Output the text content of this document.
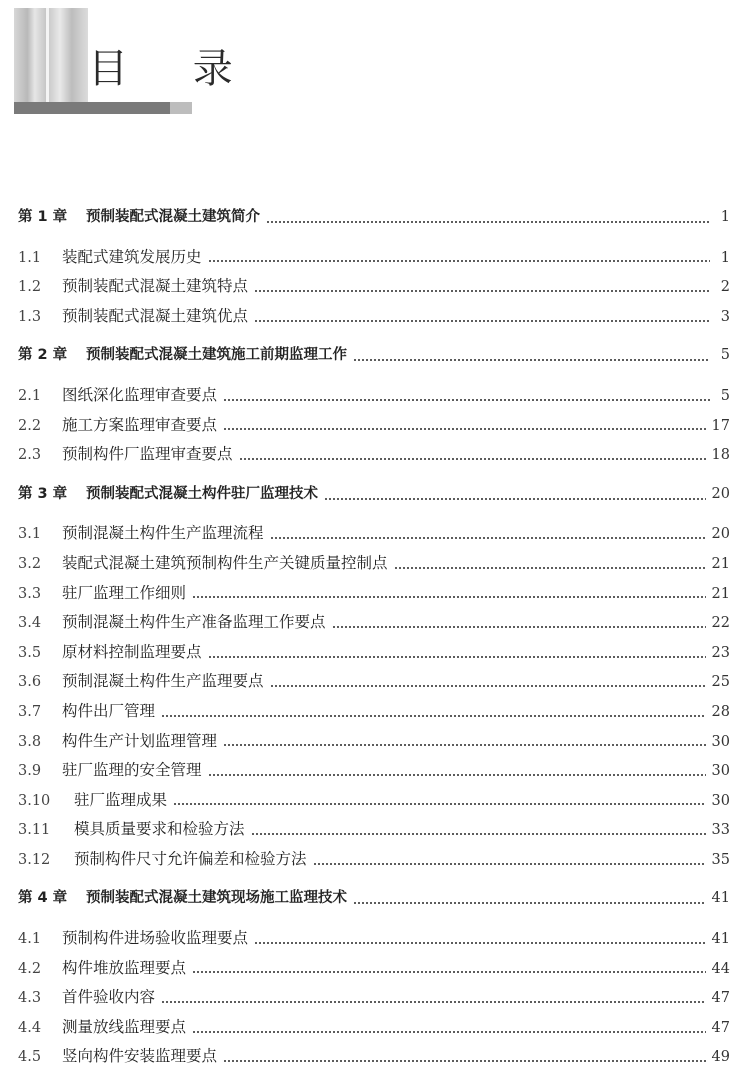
目 录
第 1 章	预制装配式混凝土建筑简介	1
1.1	装配式建筑发展历史	1
1.2	预制装配式混凝土建筑特点	2
1.3	预制装配式混凝土建筑优点	3
第 2 章	预制装配式混凝土建筑施工前期监理工作	5
2.1	图纸深化监理审查要点	5
2.2	施工方案监理审查要点	17
2.3	预制构件厂监理审查要点	18
第 3 章	预制装配式混凝土构件驻厂监理技术	20
3.1	预制混凝土构件生产监理流程	20
3.2	装配式混凝土建筑预制构件生产关键质量控制点	21
3.3	驻厂监理工作细则	21
3.4	预制混凝土构件生产准备监理工作要点	22
3.5	原材料控制监理要点	23
3.6	预制混凝土构件生产监理要点	25
3.7	构件出厂管理	28
3.8	构件生产计划监理管理	30
3.9	驻厂监理的安全管理	30
3.10	驻厂监理成果	30
3.11	模具质量要求和检验方法	33
3.12	预制构件尺寸允许偏差和检验方法	35
第 4 章	预制装配式混凝土建筑现场施工监理技术	41
4.1	预制构件进场验收监理要点	41
4.2	构件堆放监理要点	44
4.3	首件验收内容	47
4.4	测量放线监理要点	47
4.5	竖向构件安装监理要点	49
